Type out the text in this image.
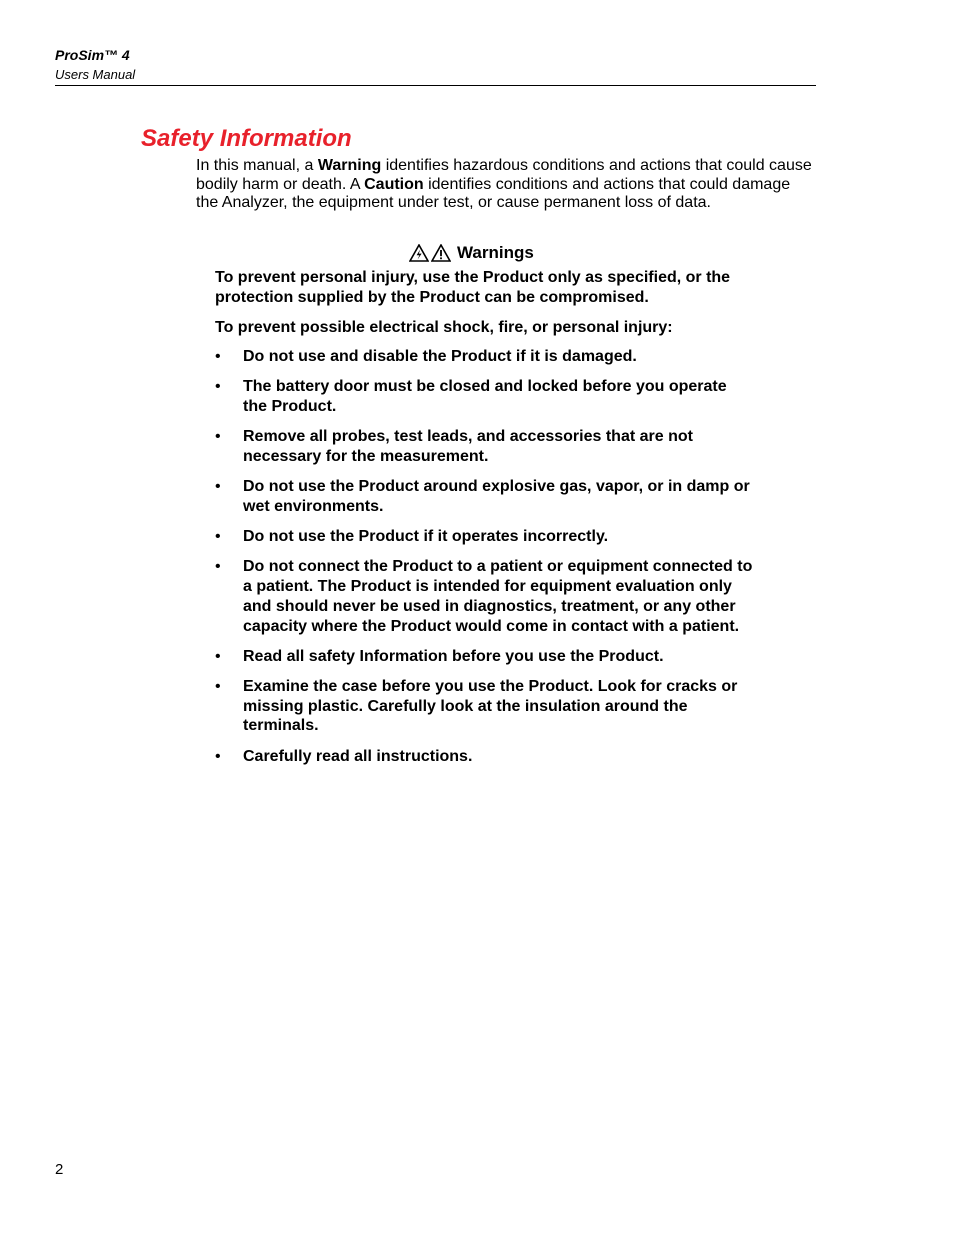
ProSim™ 4
Users Manual
Safety Information

In this manual, a Warning identifies hazardous conditions and actions that could cause bodily harm or death. A Caution identifies conditions and actions that could damage the Analyzer, the equipment under test, or cause permanent loss of data.

Warnings

To prevent personal injury, use the Product only as specified, or the protection supplied by the Product can be compromised.

To prevent possible electrical shock, fire, or personal injury:

• Do not use and disable the Product if it is damaged.
• The battery door must be closed and locked before you operate the Product.
• Remove all probes, test leads, and accessories that are not necessary for the measurement.
• Do not use the Product around explosive gas, vapor, or in damp or wet environments.
• Do not use the Product if it operates incorrectly.
• Do not connect the Product to a patient or equipment connected to a patient. The Product is intended for equipment evaluation only and should never be used in diagnostics, treatment, or any other capacity where the Product would come in contact with a patient.
• Read all safety Information before you use the Product.
• Examine the case before you use the Product. Look for cracks or missing plastic. Carefully look at the insulation around the terminals.
• Carefully read all instructions.
2
